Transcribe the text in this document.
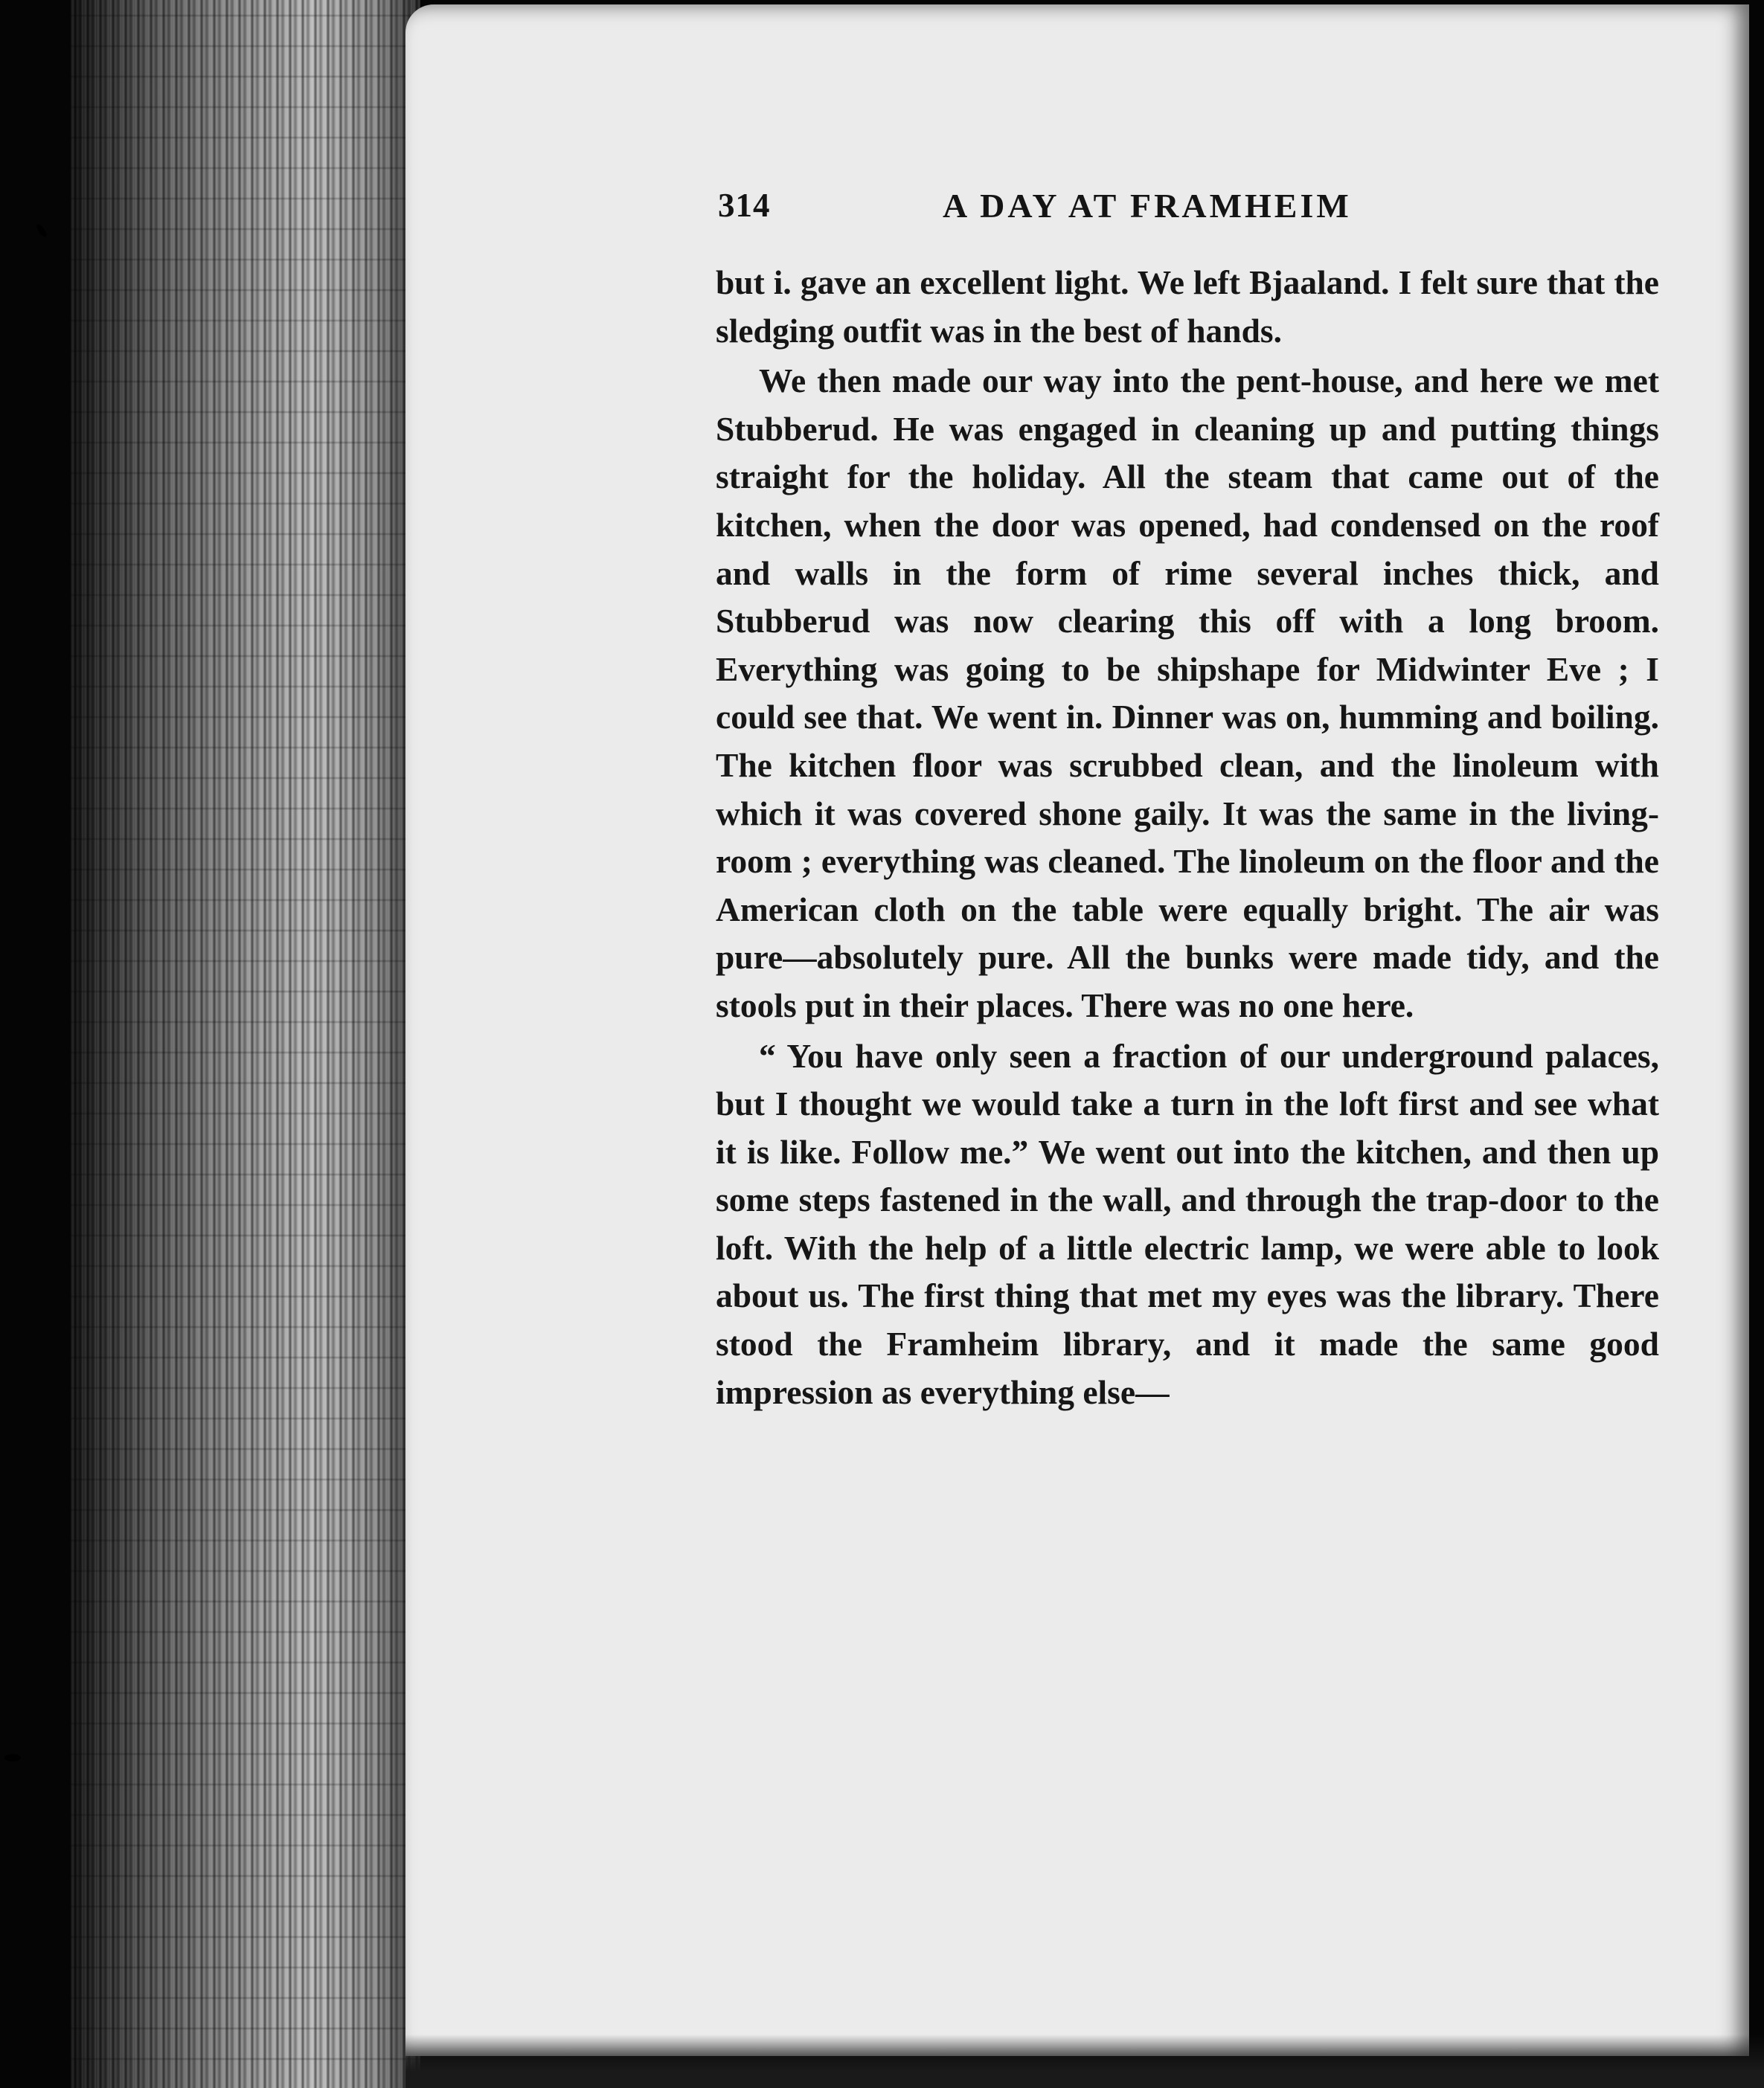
314	A DAY AT FRAMHEIM

but i. gave an excellent light. We left Bjaaland. I felt sure that the sledging outfit was in the best of hands.

We then made our way into the pent-house, and here we met Stubberud. He was engaged in cleaning up and putting things straight for the holiday. All the steam that came out of the kitchen, when the door was opened, had condensed on the roof and walls in the form of rime several inches thick, and Stubberud was now clearing this off with a long broom. Everything was going to be shipshape for Midwinter Eve ; I could see that. We went in. Dinner was on, humming and boiling. The kitchen floor was scrubbed clean, and the linoleum with which it was covered shone gaily. It was the same in the living-room ; everything was cleaned. The linoleum on the floor and the American cloth on the table were equally bright. The air was pure—absolutely pure. All the bunks were made tidy, and the stools put in their places. There was no one here.

“ You have only seen a fraction of our underground palaces, but I thought we would take a turn in the loft first and see what it is like. Follow me.” We went out into the kitchen, and then up some steps fastened in the wall, and through the trap-door to the loft. With the help of a little electric lamp, we were able to look about us. The first thing that met my eyes was the library. There stood the Framheim library, and it made the same good impression as everything else—
